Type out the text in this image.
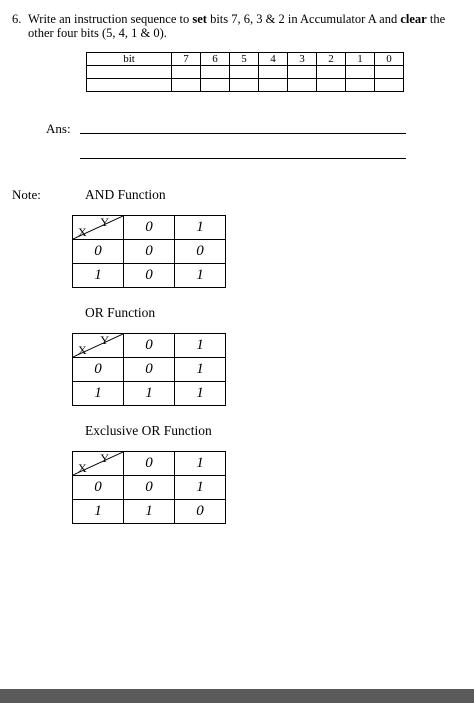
6. Write an instruction sequence to set bits 7, 6, 3 & 2 in Accumulator A and clear the other four bits (5, 4, 1 & 0).
bit	7	6	5	4	3	2	1	0

Ans:
Note:	AND Function
Y
X	0	1
0	0	0
1	0	1
OR Function
Y
X	0	1
0	0	1
1	1	1
Exclusive OR Function
Y
X	0	1
0	0	1
1	1	0
